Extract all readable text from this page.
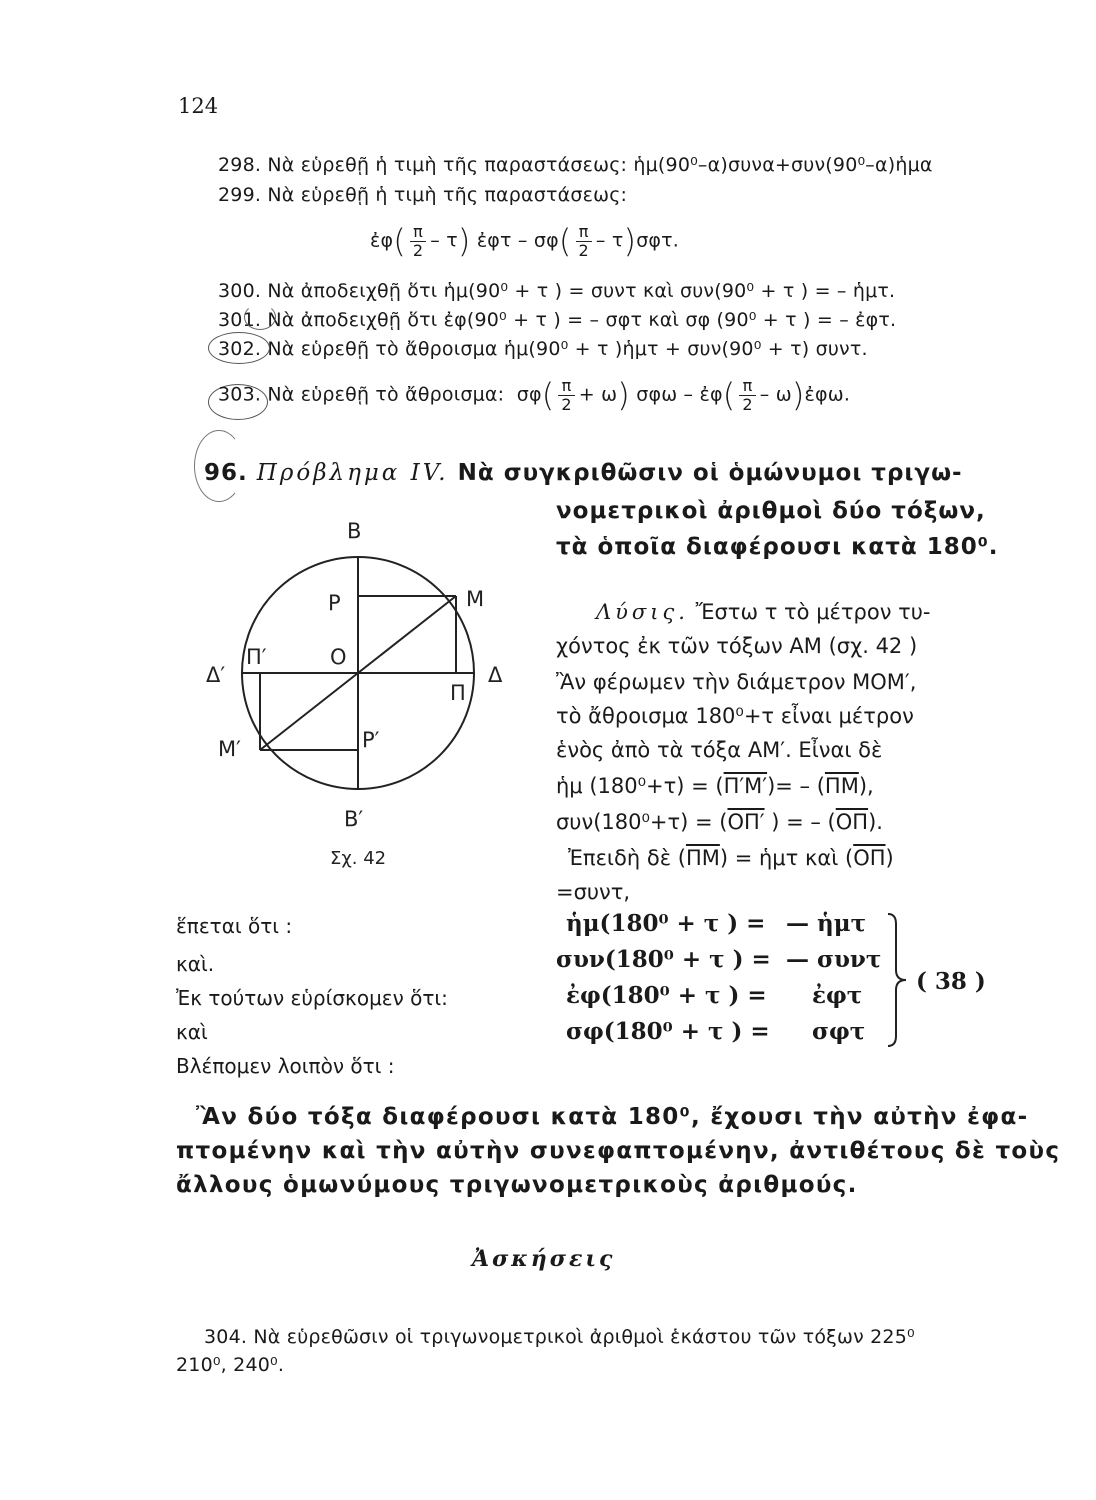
124
298. Νὰ εὑρεθῇ ἡ τιμὴ τῆς παραστάσεως: ἡμ(90⁰–α)συνα+συν(90⁰–α)ἡμα
299. Νὰ εὑρεθῇ ἡ τιμὴ τῆς παραστάσεως:
ἐφ( $\frac{\pi}{2} - \tau$) ἐφτ – $\sigma\varphi( \frac{\pi}{2} - \tau)\sigma\varphi\tau$.
300. Νὰ ἀποδειχθῇ ὅτι ἡμ(90⁰ + τ ) = συντ καὶ συν(90⁰ + τ ) = – ἡμτ.
301. Νὰ ἀποδειχθῇ ὅτι ἐφ(90⁰ + τ ) = – σφτ καὶ σφ (90⁰ + τ ) = – ἐφτ.
302. Νὰ εὑρεθῇ τὸ ἄθροισμα ἡμ(90⁰ + τ )ἡμτ + συν(90⁰ + τ) συντ.
303. Νὰ εὑρεθῇ τὸ ἄθροισμα: $\sigma\varphi( \frac{\pi}{2} + \omega)$ σφω – ἐφ( $\frac{\pi}{2}$ – ω)ἐφω.
96. Πρόβλημα IV. Νὰ συγκριθῶσιν οἱ ὁμώνυμοι τριγω-
νομετρικοὶ ἀριθμοὶ δύο τόξων,
τὰ ὁποῖα διαφέρουσι κατὰ 180⁰.
Β
Β′
Ρ
Ρ′
Ο
Μ
Μ′
Δ
Δ′
Π
Π′
Σχ. 42
Λύσις. Ἔστω τ τὸ μέτρον τυ-
χόντος ἐκ τῶν τόξων ΑΜ (σχ. 42 )
Ἂν φέρωμεν τὴν διάμετρον ΜΟΜ′,
τὸ ἄθροισμα 180⁰+τ εἶναι μέτρον
ἑνὸς ἀπὸ τὰ τόξα ΑΜ′. Εἶναι δὲ
ἡμ $(180^0+\tau) = (\Pi'M')= - (\overline{\Pi M})$,
συν(180⁰+τ) = (ΟΠ′ ) = – $(\overline{O\Pi})$.
Ἐπειδὴ δὲ $(\overline{\Pi M})$ = ἡμτ καὶ $(\overline{O\Pi})$
=συντ,
ἕπεται ὅτι :
καὶ.
Ἐκ τούτων εὑρίσκομεν ὅτι:
καὶ
Βλέπομεν λοιπὸν ὅτι :
ἡμ(180⁰ + τ ) = — ἡμτ
συν(180⁰ + τ ) = — συντ
ἐφ(180⁰ + τ ) = ἐφτ
σφ(180⁰ + τ ) = σφτ
( 38 )
Ἂν δύο τόξα διαφέρουσι κατὰ 180⁰, ἔχουσι τὴν αὐτὴν ἐφα-
πτομένην καὶ τὴν αὐτὴν συνεφαπτομένην, ἀντιθέτους δὲ τοὺς
ἄλλους ὁμωνύμους τριγωνομετρικοὺς ἀριθμούς.
Ἀσκήσεις
304. Νὰ εὑρεθῶσιν οἱ τριγωνομετρικοὶ ἀριθμοὶ ἑκάστου τῶν τόξων 225⁰
210⁰, 240⁰.
